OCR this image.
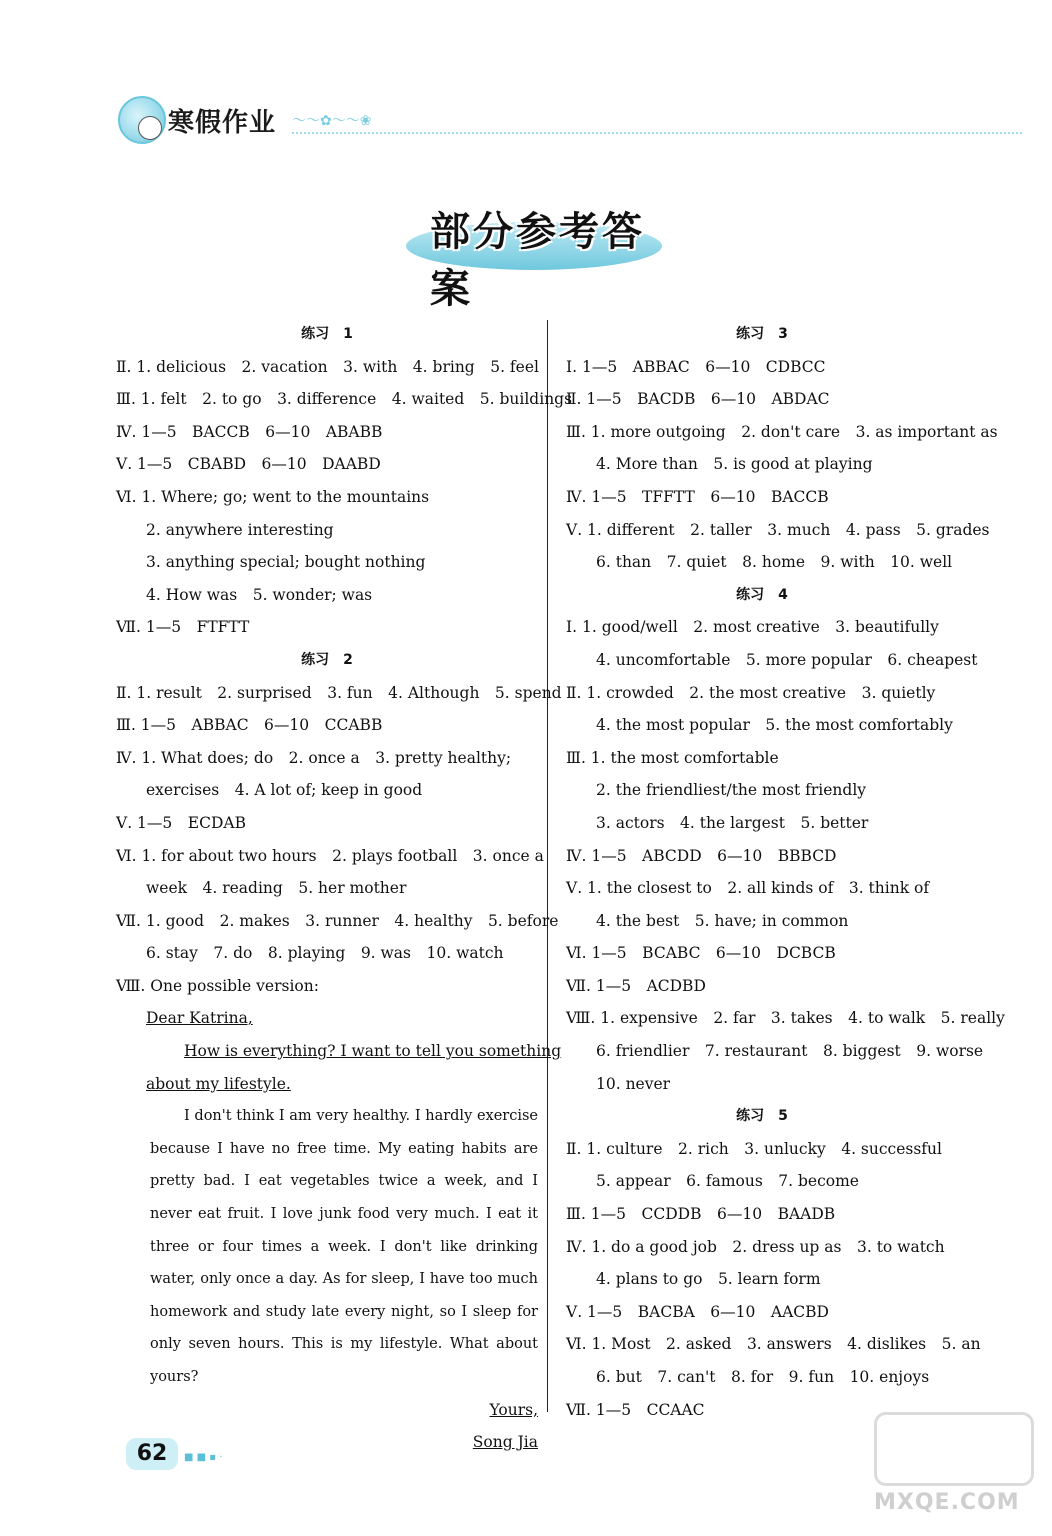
寒假作业 ～～✿～～❀
部分参考答案
练习　1
Ⅱ. 1. delicious　2. vacation　3. with　4. bring　5. feel
Ⅲ. 1. felt　2. to go　3. difference　4. waited　5. buildings
Ⅳ. 1—5　BACCB　6—10　ABABB
Ⅴ. 1—5　CBABD　6—10　DAABD
Ⅵ. 1. Where; go; went to the mountains
2. anywhere interesting
3. anything special; bought nothing
4. How was　5. wonder; was
Ⅶ. 1—5　FTFTT
练习　2
Ⅱ. 1. result　2. surprised　3. fun　4. Although　5. spend
Ⅲ. 1—5　ABBAC　6—10　CCABB
Ⅳ. 1. What does; do　2. once a　3. pretty healthy;
exercises　4. A lot of; keep in good
Ⅴ. 1—5　ECDAB
Ⅵ. 1. for about two hours　2. plays football　3. once a
week　4. reading　5. her mother
Ⅶ. 1. good　2. makes　3. runner　4. healthy　5. before
6. stay　7. do　8. playing　9. was　10. watch
Ⅷ. One possible version:
Dear Katrina,
How is everything? I want to tell you something
about my lifestyle.
I don't think I am very healthy. I hardly exercise because I have no free time. My eating habits are pretty bad. I eat vegetables twice a week, and I never eat fruit. I love junk food very much. I eat it three or four times a week. I don't like drinking water, only once a day. As for sleep, I have too much homework and study late every night, so I sleep for only seven hours. This is my lifestyle. What about yours?
Yours,
Song Jia
练习　3
Ⅰ. 1—5　ABBAC　6—10　CDBCC
Ⅱ. 1—5　BACDB　6—10　ABDAC
Ⅲ. 1. more outgoing　2. don't care　3. as important as
4. More than　5. is good at playing
Ⅳ. 1—5　TFFTT　6—10　BACCB
Ⅴ. 1. different　2. taller　3. much　4. pass　5. grades
6. than　7. quiet　8. home　9. with　10. well
练习　4
Ⅰ. 1. good/well　2. most creative　3. beautifully
4. uncomfortable　5. more popular　6. cheapest
Ⅱ. 1. crowded　2. the most creative　3. quietly
4. the most popular　5. the most comfortably
Ⅲ. 1. the most comfortable
2. the friendliest/the most friendly
3. actors　4. the largest　5. better
Ⅳ. 1—5　ABCDD　6—10　BBBCD
Ⅴ. 1. the closest to　2. all kinds of　3. think of
4. the best　5. have; in common
Ⅵ. 1—5　BCABC　6—10　DCBCB
Ⅶ. 1—5　ACDBD
Ⅷ. 1. expensive　2. far　3. takes　4. to walk　5. really
6. friendlier　7. restaurant　8. biggest　9. worse
10. never
练习　5
Ⅱ. 1. culture　2. rich　3. unlucky　4. successful
5. appear　6. famous　7. become
Ⅲ. 1—5　CCDDB　6—10　BAADB
Ⅳ. 1. do a good job　2. dress up as　3. to watch
4. plans to go　5. learn form
Ⅴ. 1—5　BACBA　6—10　AACBD
Ⅵ. 1. Most　2. asked　3. answers　4. dislikes　5. an
6. but　7. can't　8. for　9. fun　10. enjoys
Ⅶ. 1—5　CCAAC
62	■ ■ ▪ ·
MXQE.COM
